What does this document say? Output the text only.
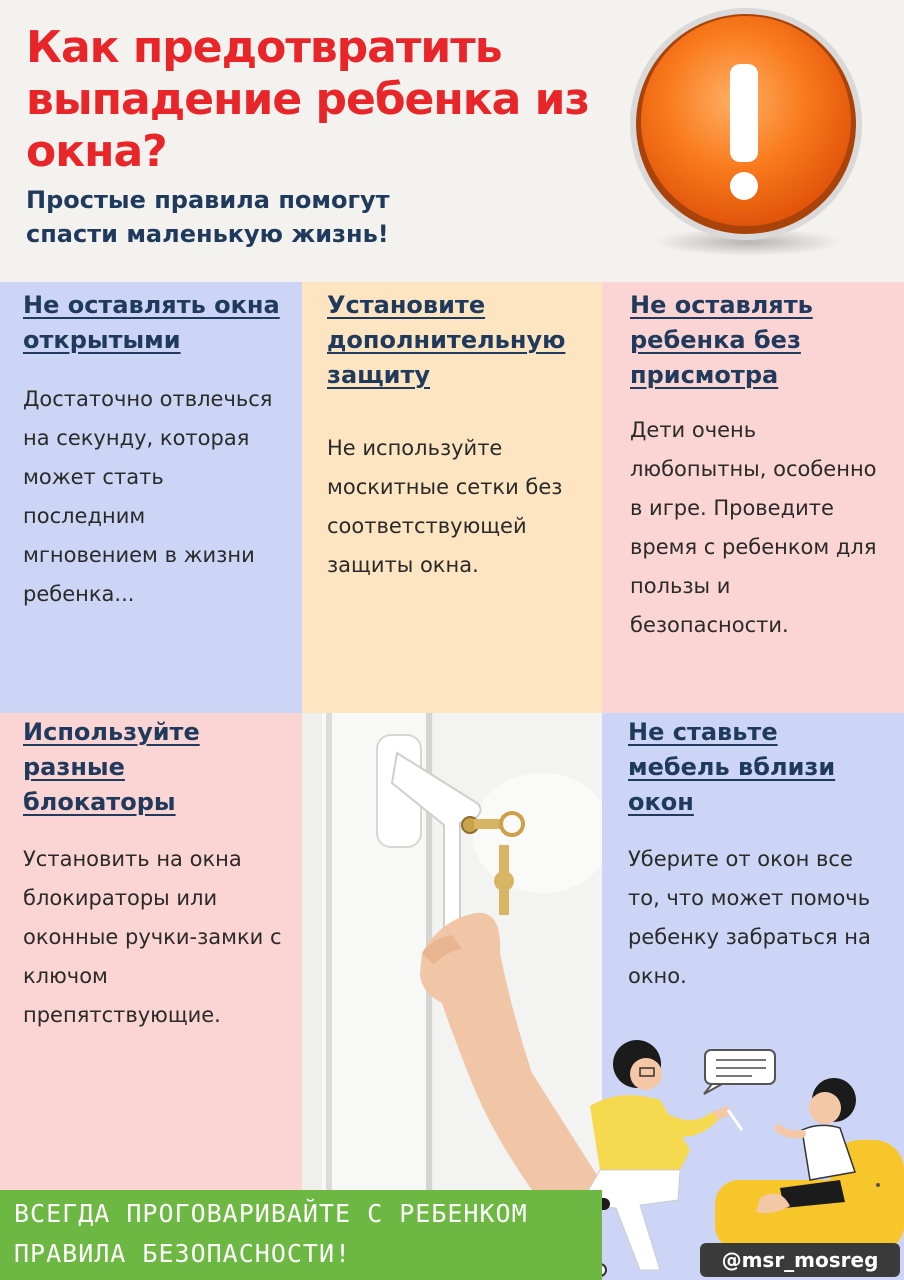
Как предотвратить выпадение ребенка из окна?
Простые правила помогут спасти маленькую жизнь!
Не оставлять окна открытыми

Достаточно отвлечься на секунду, которая может стать последним мгновением в жизни ребенка...

Установите дополнительную защиту

Не используйте москитные сетки без соответствующей защиты окна.

Не оставлять ребенка без присмотра

Дети очень любопытны, особенно в игре. Проведите время с ребенком для пользы и безопасности.

Используйте разные блокаторы

Установить на окна блокираторы или оконные ручки-замки с ключом препятствующие.

Не ставьте мебель вблизи окон

Уберите от окон все то, что может помочь ребенку забраться на окно.

ВСЕГДА ПРОГОВАРИВАЙТЕ С РЕБЕНКОМ ПРАВИЛА БЕЗОПАСНОСТИ!	@msr_mosreg
